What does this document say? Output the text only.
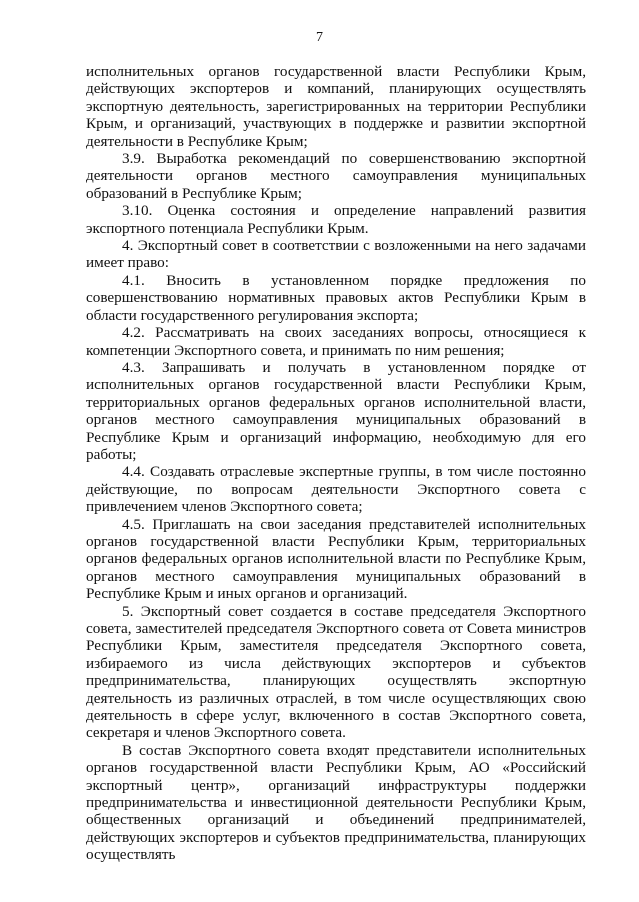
7

исполнительных органов государственной власти Республики Крым, действующих экспортеров и компаний, планирующих осуществлять экспортную деятельность, зарегистрированных на территории Республики Крым, и организаций, участвующих в поддержке и развитии экспортной деятельности в Республике Крым;

3.9. Выработка рекомендаций по совершенствованию экспортной деятельности органов местного самоуправления муниципальных образований в Республике Крым;

3.10. Оценка состояния и определение направлений развития экспортного потенциала Республики Крым.

4. Экспортный совет в соответствии с возложенными на него задачами имеет право:

4.1. Вносить в установленном порядке предложения по совершенствованию нормативных правовых актов Республики Крым в области государственного регулирования экспорта;

4.2. Рассматривать на своих заседаниях вопросы, относящиеся к компетенции Экспортного совета, и принимать по ним решения;

4.3. Запрашивать и получать в установленном порядке от исполнительных органов государственной власти Республики Крым, территориальных органов федеральных органов исполнительной власти, органов местного самоуправления муниципальных образований в Республике Крым и организаций информацию, необходимую для его работы;

4.4. Создавать отраслевые экспертные группы, в том числе постоянно действующие, по вопросам деятельности Экспортного совета с привлечением членов Экспортного совета;

4.5. Приглашать на свои заседания представителей исполнительных органов государственной власти Республики Крым, территориальных органов федеральных органов исполнительной власти по Республике Крым, органов местного самоуправления муниципальных образований в Республике Крым и иных органов и организаций.

5. Экспортный совет создается в составе председателя Экспортного совета, заместителей председателя Экспортного совета от Совета министров Республики Крым, заместителя председателя Экспортного совета, избираемого из числа действующих экспортеров и субъектов предпринимательства, планирующих осуществлять экспортную деятельность из различных отраслей, в том числе осуществляющих свою деятельность в сфере услуг, включенного в состав Экспортного совета, секретаря и членов Экспортного совета.

В состав Экспортного совета входят представители исполнительных органов государственной власти Республики Крым, АО «Российский экспортный центр», организаций инфраструктуры поддержки предпринимательства и инвестиционной деятельности Республики Крым, общественных организаций и объединений предпринимателей, действующих экспортеров и субъектов предпринимательства, планирующих осуществлять
